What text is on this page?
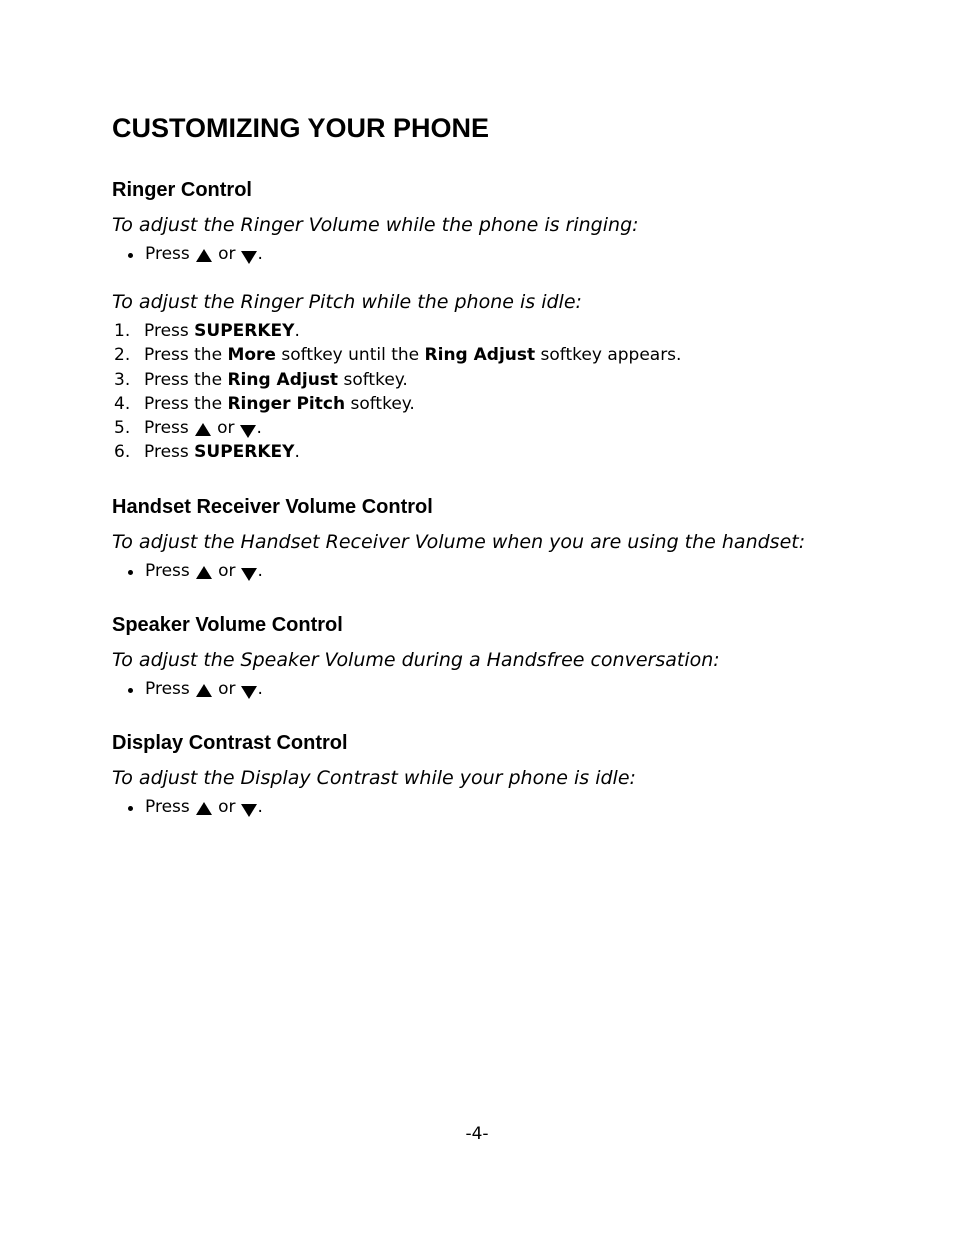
CUSTOMIZING YOUR PHONE
Ringer Control

To adjust the Ringer Volume while the phone is ringing:

Press or .

To adjust the Ringer Pitch while the phone is idle:

1. Press SUPERKEY.
2. Press the More softkey until the Ring Adjust softkey appears.
3. Press the Ring Adjust softkey.
4. Press the Ringer Pitch softkey.
5. Press or .
6. Press SUPERKEY.
Handset Receiver Volume Control

To adjust the Handset Receiver Volume when you are using the handset:

Press or .
Speaker Volume Control

To adjust the Speaker Volume during a Handsfree conversation:

Press or .
Display Contrast Control

To adjust the Display Contrast while your phone is idle:

Press or .
-4-
